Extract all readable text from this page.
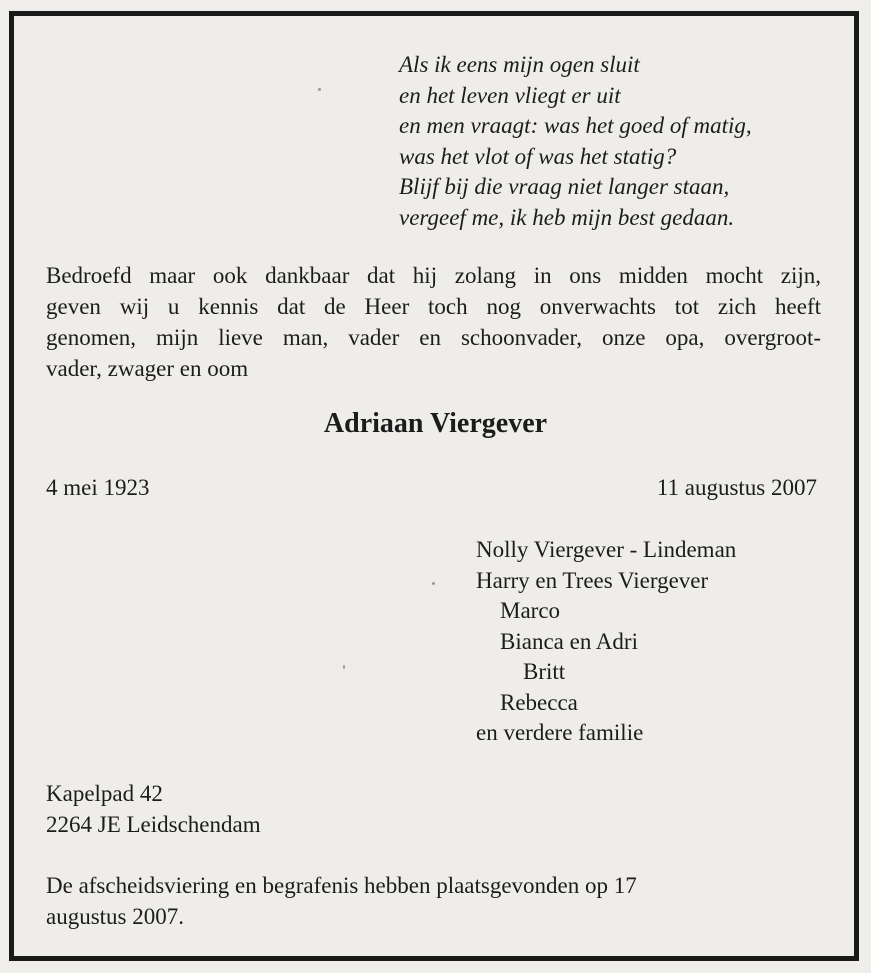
Als ik eens mijn ogen sluit
en het leven vliegt er uit
en men vraagt: was het goed of matig,
was het vlot of was het statig?
Blijf bij die vraag niet langer staan,
vergeef me, ik heb mijn best gedaan.
Bedroefd maar ook dankbaar dat hij zolang in ons midden mocht zijn,
geven wij u kennis dat de Heer toch nog onverwachts tot zich heeft
genomen, mijn lieve man, vader en schoonvader, onze opa, overgroot-
vader, zwager en oom
Adriaan Viergever
4 mei 1923	11 augustus 2007
Nolly Viergever - Lindeman
Harry en Trees Viergever
Marco
Bianca en Adri
Britt
Rebecca
en verdere familie
Kapelpad 42
2264 JE Leidschendam
De afscheidsviering en begrafenis hebben plaatsgevonden op 17
augustus 2007.
